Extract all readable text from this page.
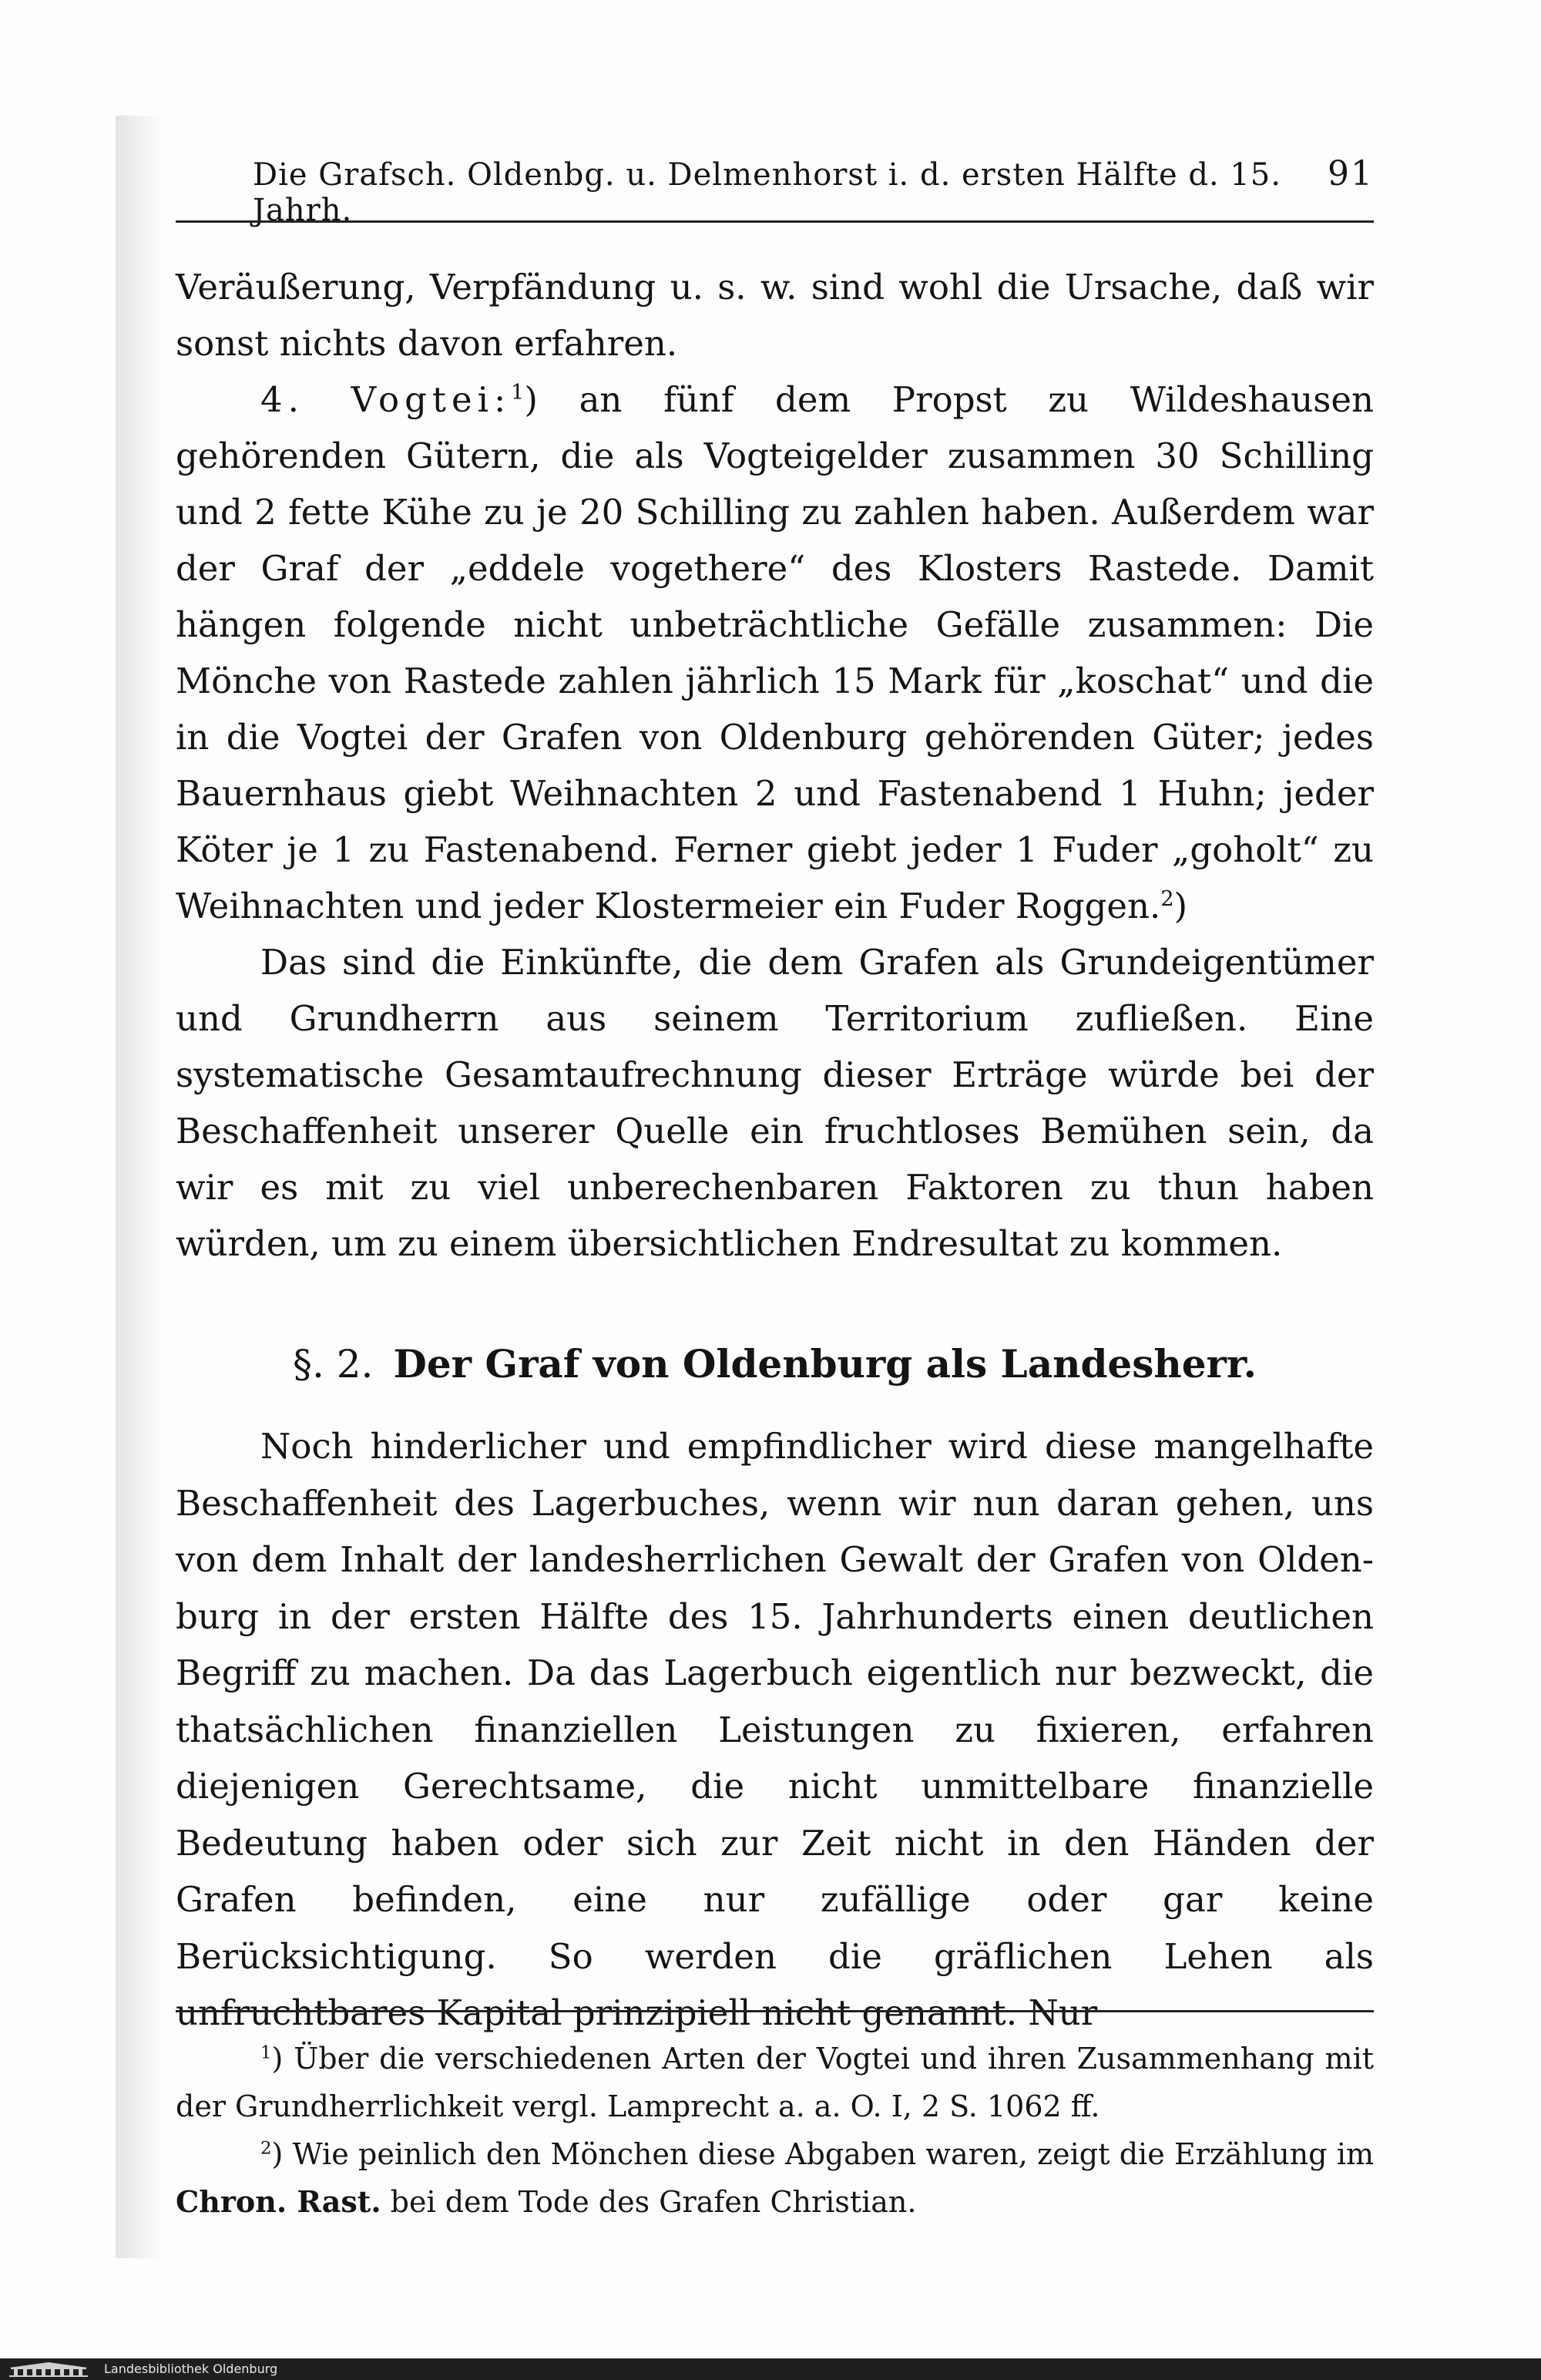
Die Grafsch. Oldenbg. u. Delmenhorst i. d. ersten Hälfte d. 15. Jahrh.
91

Veräußerung, Verpfändung u. s. w. sind wohl die Ursache, daß wir sonst nichts davon erfahren.

4. Vogtei:$^1$) an fünf dem Propst zu Wildeshausen gehörenden Gütern, die als Vogteigelder zusammen 30 Schilling und 2 fette Kühe zu je 20 Schilling zu zahlen haben. Außerdem war der Graf der „eddele vogethere“ des Klosters Rastede. Damit hängen folgende nicht unbeträchtliche Gefälle zusammen: Die Mönche von Rastede zahlen jährlich 15 Mark für „koschat“ und die in die Vogtei der Grafen von Oldenburg gehörenden Güter; jedes Bauernhaus giebt Weihnachten 2 und Fastenabend 1 Huhn; jeder Köter je 1 zu Fastenabend. Ferner giebt jeder 1 Fuder „goholt“ zu Weihnachten und jeder Klostermeier ein Fuder Roggen.$^2$)

Das sind die Einkünfte, die dem Grafen als Grundeigentümer und Grundherrn aus seinem Territorium zufließen. Eine systematische Gesamtaufrechnung dieser Erträge würde bei der Beschaffenheit unserer Quelle ein fruchtloses Bemühen sein, da wir es mit zu viel unberechenbaren Faktoren zu thun haben würden, um zu einem übersichtlichen Endresultat zu kommen.

§. 2. Der Graf von Oldenburg als Landesherr.

Noch hinderlicher und empfindlicher wird diese mangelhafte Beschaffenheit des Lagerbuches, wenn wir nun daran gehen, uns von dem Inhalt der landesherrlichen Gewalt der Grafen von Oldenburg in der ersten Hälfte des 15. Jahrhunderts einen deutlichen Begriff zu machen. Da das Lagerbuch eigentlich nur bezweckt, die thatsächlichen finanziellen Leistungen zu fixieren, erfahren diejenigen Gerechtsame, die nicht unmittelbare finanzielle Bedeutung haben oder sich zur Zeit nicht in den Händen der Grafen befinden, eine nur zufällige oder gar keine Berücksichtigung. So werden die gräflichen Lehen als unfruchtbares Kapital prinzipiell nicht genannt. Nur

$^1$) Über die verschiedenen Arten der Vogtei und ihren Zusammenhang mit der Grundherrlichkeit vergl. Lamprecht a. a. O. I, 2 S. 1062 ff.

$^2$) Wie peinlich den Mönchen diese Abgaben waren, zeigt die Erzählung im Chron. Rast. bei dem Tode des Grafen Christian.

Landesbibliothek Oldenburg
